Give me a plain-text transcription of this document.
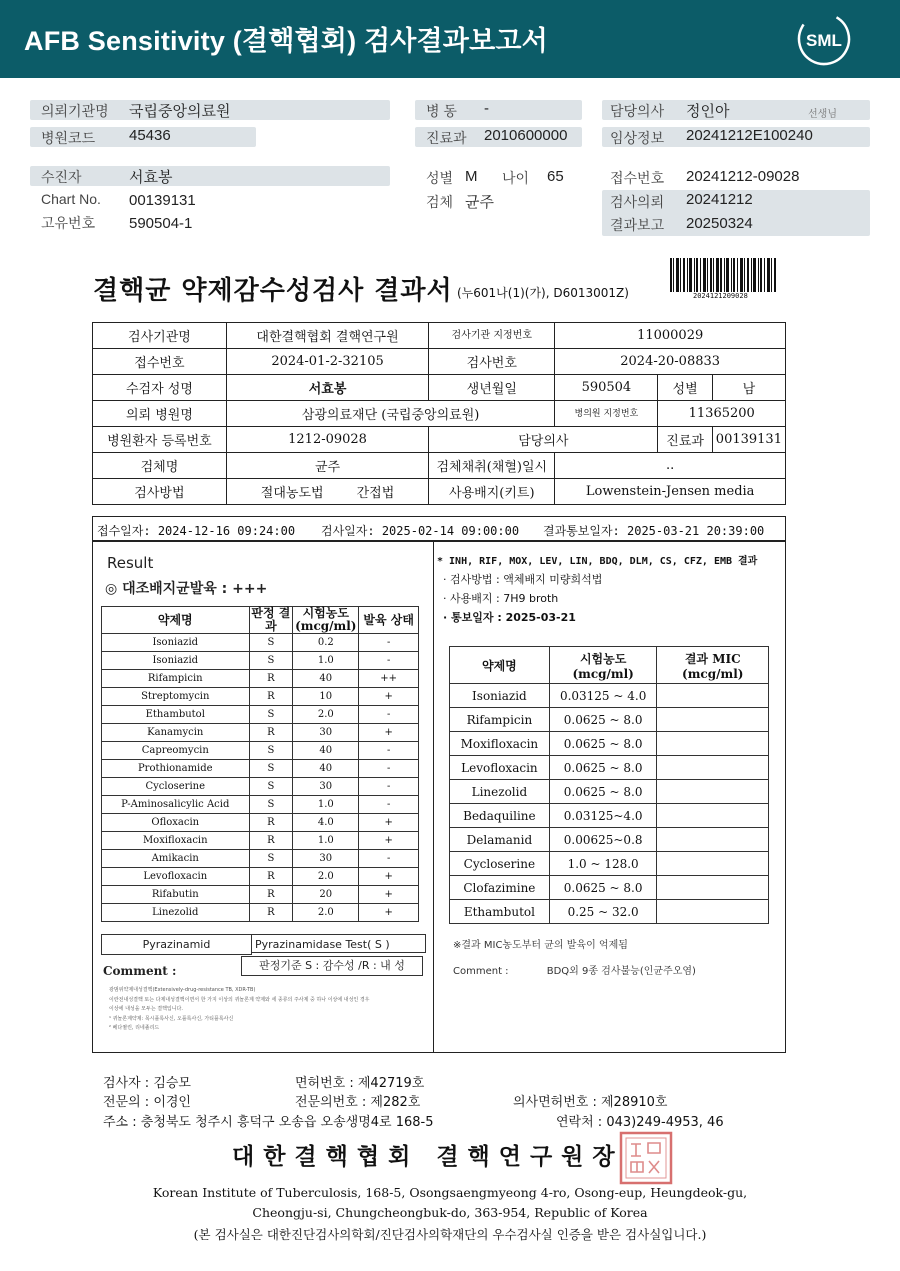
AFB Sensitivity (결핵협회) 검사결과보고서	SML
의뢰기관명 국립중앙의료원
병원코드 45436
병 동 -
진료과 2010600000
담당의사 정인아	선생님
임상정보 20241212E100240
수진자	서효봉
Chart No. 00139131
고유번호 590504-1
성별 M 나이 65
검체 균주
접수번호 20241212-09028
검사의뢰 20241212
결과보고 20250324
결핵균 약제감수성검사 결과서 (누601나(1)(가), D6013001Z)	2024121209028
검사기관명	대한결핵협회 결핵연구원	검사기관 지정번호	11000029		
접수번호	2024-01-2-32105	검사번호	2024-20-08833		
수검자 성명	서효봉	생년월일	590504	성별	남
의뢰 병원명	삼광의료재단 (국립중앙의료원)		병의원 지정번호	11365200	
병원환자 등록번호	1212-09028	담당의사		진료과	00139131
검체명	균주	검체채취(채혈)일시	..		
검사방법	절대농도법 간접법	사용배지(키트)	Lowenstein-Jensen media		
접수일자: 2024-12-16 09:24:00 검사일자: 2025-02-14 09:00:00 결과통보일자: 2025-03-21 20:39:00
Result
◎ 대조배지균발육 : +++
약제명	판정 결과	시험농도 (mcg/ml)	발육 상태
Isoniazid	S	0.2	-
Isoniazid	S	1.0	-
Rifampicin	R	40	++
Streptomycin	R	10	+
Ethambutol	S	2.0	-
Kanamycin	R	30	+
Capreomycin	S	40	-
Prothionamide	S	40	-
Cycloserine	S	30	-
P-Aminosalicylic Acid	S	1.0	-
Ofloxacin	R	4.0	+
Moxifloxacin	R	1.0	+
Amikacin	S	30	-
Levofloxacin	R	2.0	+
Rifabutin	R	20	+
Linezolid	R	2.0	+
Pyrazinamid	Pyrazinamidase Test( S )
판정기준 S : 감수성 /R : 내 성
Comment :
광범위약제내성결핵(Extensively-drug-resistance TB, XDR-TB)
이란전내성결핵 또는 다제내성결핵이면서 한 가지 이상의 퀴놀론계 약제와 세 종류의 주사제 중 하나 이상에 내성인 경우
이상에 내성을 모두는 결핵입니다.
¹ 퀴놀론계약제: 목시플록사신, 오플록사신, 가티플록사신
² 베다퀼린, 리네졸리드
* INH, RIF, MOX, LEV, LIN, BDQ, DLM, CS, CFZ, EMB 결과
· 검사방법 : 액체배지 미량희석법
· 사용배지 : 7H9 broth
· 통보일자 : 2025-03-21
약제명	시험농도 (mcg/ml)	결과 MIC (mcg/ml)
Isoniazid	0.03125 ~ 4.0	
Rifampicin	0.0625 ~ 8.0	
Moxifloxacin	0.0625 ~ 8.0	
Levofloxacin	0.0625 ~ 8.0	
Linezolid	0.0625 ~ 8.0	
Bedaquiline	0.03125~4.0	
Delamanid	0.00625~0.8	
Cycloserine	1.0 ~ 128.0	
Clofazimine	0.0625 ~ 8.0	
Ethambutol	0.25 ~ 32.0	
※결과 MIC농도부터 균의 발육이 억제됨
Comment :	BDQ외 9종 검사불능(인균주오염)
검사자 : 김승모	면허번호 : 제42719호
전문의 : 이경인	전문의번호 : 제282호	의사면허번호 : 제28910호
주소 : 충청북도 청주시 흥덕구 오송읍 오송생명4로 168-5	연락처 : 043)249-4953, 46
대한결핵협회 결핵연구원장
Korean Institute of Tuberculosis, 168-5, Osongsaengmyeong 4-ro, Osong-eup, Heungdeok-gu,
Cheongju-si, Chungcheongbuk-do, 363-954, Republic of Korea
(본 검사실은 대한진단검사의학회/진단검사의학재단의 우수검사실 인증을 받은 검사실입니다.)
